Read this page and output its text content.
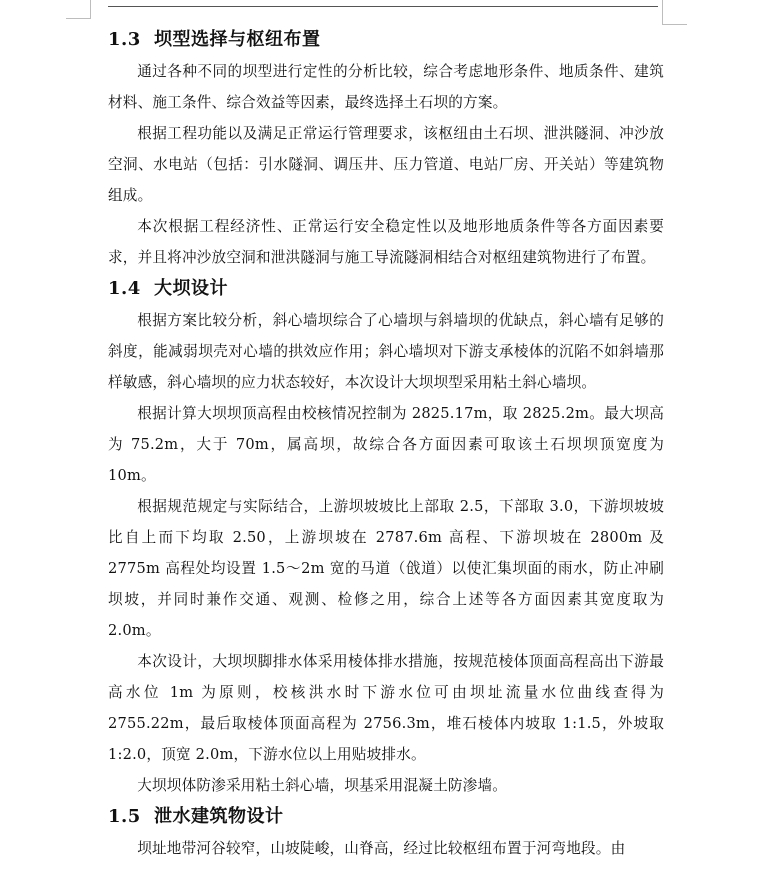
1.3 坝型选择与枢纽布置

通过各种不同的坝型进行定性的分析比较，综合考虑地形条件、地质条件、建筑材料、施工条件、综合效益等因素，最终选择土石坝的方案。

根据工程功能以及满足正常运行管理要求，该枢纽由土石坝、泄洪隧洞、冲沙放空洞、水电站（包括：引水隧洞、调压井、压力管道、电站厂房、开关站）等建筑物组成。

本次根据工程经济性、正常运行安全稳定性以及地形地质条件等各方面因素要求，并且将冲沙放空洞和泄洪隧洞与施工导流隧洞相结合对枢纽建筑物进行了布置。

1.4 大坝设计

根据方案比较分析，斜心墙坝综合了心墙坝与斜墙坝的优缺点，斜心墙有足够的斜度，能减弱坝壳对心墙的拱效应作用；斜心墙坝对下游支承棱体的沉陷不如斜墙那样敏感，斜心墙坝的应力状态较好，本次设计大坝坝型采用粘土斜心墙坝。

根据计算大坝坝顶高程由校核情况控制为 2825.17m，取 2825.2m。最大坝高为 75.2m，大于 70m，属高坝，故综合各方面因素可取该土石坝坝顶宽度为 10m。

根据规范规定与实际结合，上游坝坡坡比上部取 2.5，下部取 3.0，下游坝坡坡比自上而下均取 2.50，上游坝坡在 2787.6m 高程、下游坝坡在 2800m 及 2775m 高程处均设置 1.5～2m 宽的马道（戗道）以使汇集坝面的雨水，防止冲刷坝坡，并同时兼作交通、观测、检修之用，综合上述等各方面因素其宽度取为 2.0m。

本次设计，大坝坝脚排水体采用棱体排水措施，按规范棱体顶面高程高出下游最高水位 1m 为原则，校核洪水时下游水位可由坝址流量水位曲线查得为 2755.22m，最后取棱体顶面高程为 2756.3m，堆石棱体内坡取 1:1.5，外坡取 1:2.0，顶宽 2.0m，下游水位以上用贴坡排水。

大坝坝体防渗采用粘土斜心墙，坝基采用混凝土防渗墙。

1.5 泄水建筑物设计

坝址地带河谷较窄，山坡陡峻，山脊高，经过比较枢纽布置于河弯地段。由
